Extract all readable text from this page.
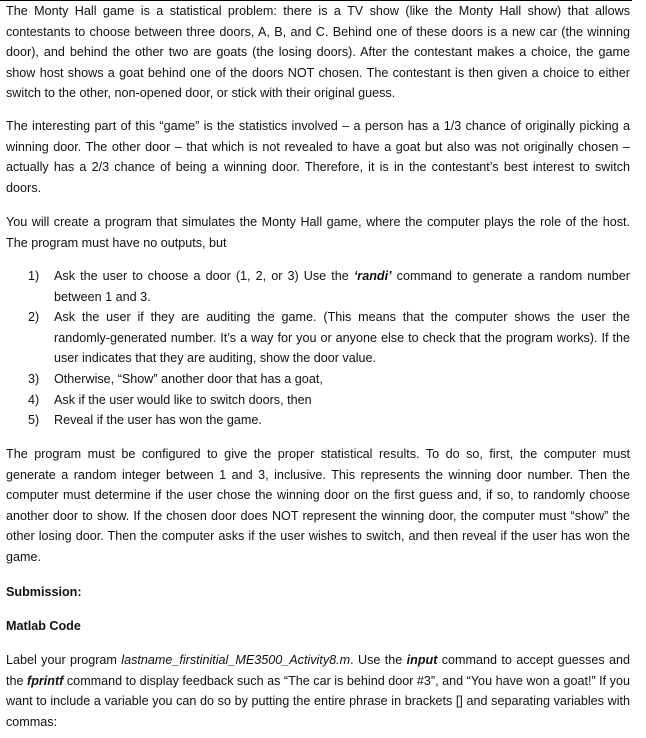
The Monty Hall game is a statistical problem: there is a TV show (like the Monty Hall show) that allows contestants to choose between three doors, A, B, and C. Behind one of these doors is a new car (the winning door), and behind the other two are goats (the losing doors). After the contestant makes a choice, the game show host shows a goat behind one of the doors NOT chosen. The contestant is then given a choice to either switch to the other, non-opened door, or stick with their original guess.

The interesting part of this “game” is the statistics involved – a person has a 1/3 chance of originally picking a winning door. The other door – that which is not revealed to have a goat but also was not originally chosen – actually has a 2/3 chance of being a winning door. Therefore, it is in the contestant’s best interest to switch doors.

You will create a program that simulates the Monty Hall game, where the computer plays the role of the host. The program must have no outputs, but

1) Ask the user to choose a door (1, 2, or 3) Use the ‘randi’ command to generate a random number between 1 and 3.
2) Ask the user if they are auditing the game. (This means that the computer shows the user the randomly-generated number. It’s a way for you or anyone else to check that the program works). If the user indicates that they are auditing, show the door value.
3) Otherwise, “Show” another door that has a goat,
4) Ask if the user would like to switch doors, then
5) Reveal if the user has won the game.

The program must be configured to give the proper statistical results. To do so, first, the computer must generate a random integer between 1 and 3, inclusive. This represents the winning door number. Then the computer must determine if the user chose the winning door on the first guess and, if so, to randomly choose another door to show. If the chosen door does NOT represent the winning door, the computer must “show” the other losing door. Then the computer asks if the user wishes to switch, and then reveal if the user has won the game.

Submission:
Matlab Code

Label your program lastname_firstinitial_ME3500_Activity8.m. Use the input command to accept guesses and the fprintf command to display feedback such as “The car is behind door #3”, and “You have won a goat!” If you want to include a variable you can do so by putting the entire phrase in brackets [] and separating variables with commas:
